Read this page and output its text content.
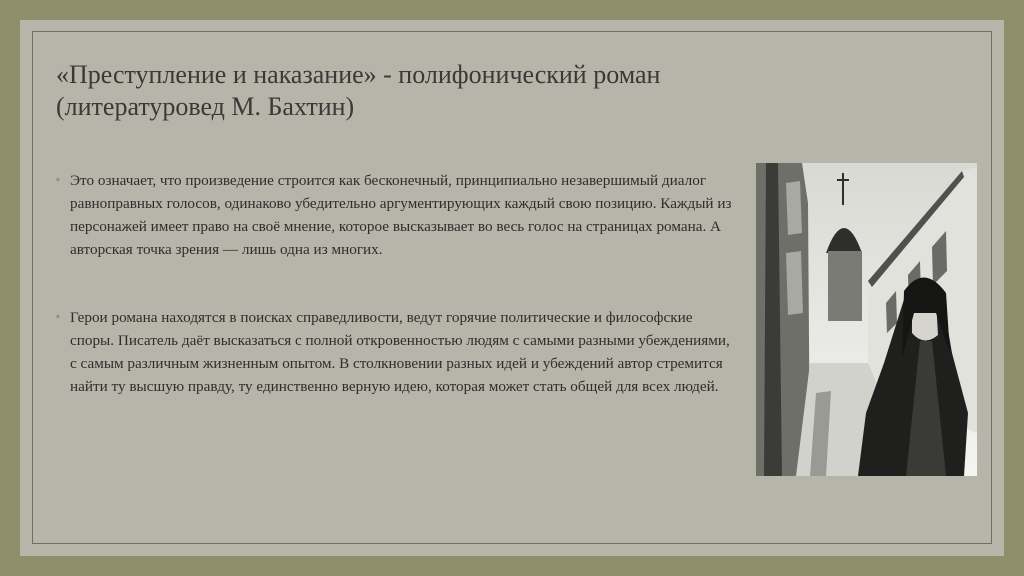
«Преступление и наказание» - полифонический роман
(литературовед М. Бахтин)
◦ Это означает, что произведение строится как бесконечный, принципиально незавершимый диалог равноправных голосов, одинаково убедительно аргументирующих каждый свою позицию. Каждый из персонажей имеет право на своё мнение, которое высказывает во весь голос на страницах романа. А авторская точка зрения — лишь одна из многих.
◦ Герои романа находятся в поисках справедливости, ведут горячие политические и философские споры. Писатель даёт высказаться с полной откровенностью людям с самыми разными убеждениями, с самым различным жизненным опытом. В столкновении разных идей и убеждений автор стремится найти ту высшую правду, ту единственно верную идею, которая может стать общей для всех людей.
